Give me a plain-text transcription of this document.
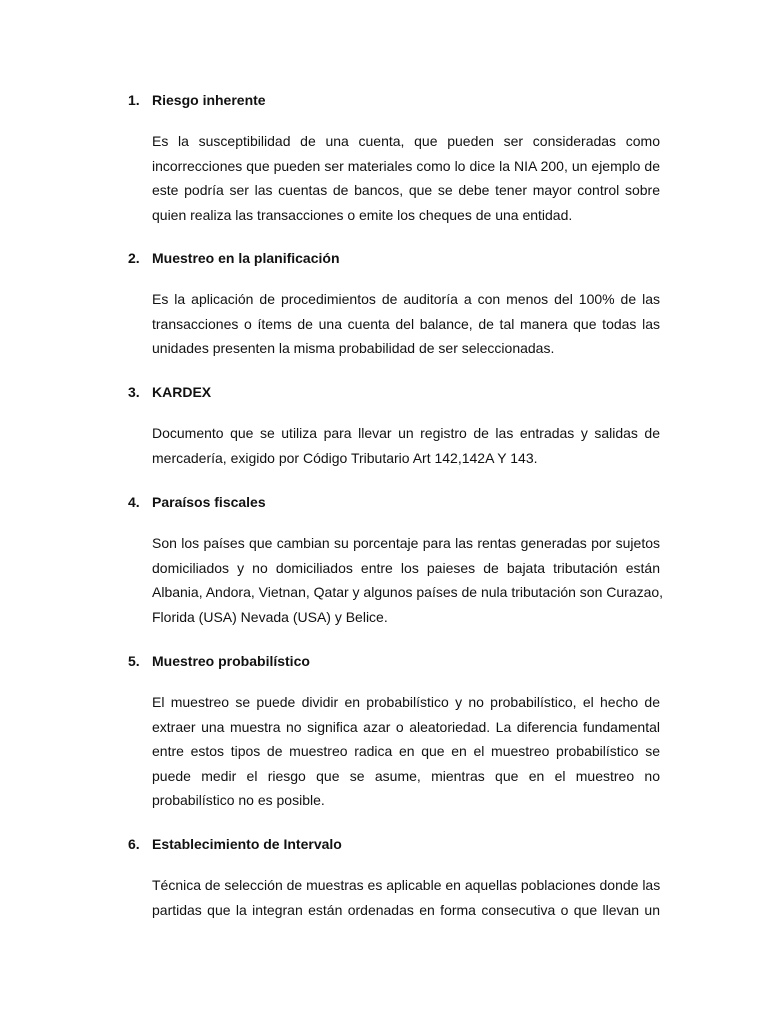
1. Riesgo inherente
Es la susceptibilidad de una cuenta, que pueden ser consideradas como
incorrecciones que pueden ser materiales como lo dice la NIA 200, un ejemplo de
este podría ser las cuentas de bancos, que se debe tener mayor control sobre
quien realiza las transacciones o emite los cheques de una entidad.
2. Muestreo en la planificación
Es la aplicación de procedimientos de auditoría a con menos del 100% de las
transacciones o ítems de una cuenta del balance, de tal manera que todas las
unidades presenten la misma probabilidad de ser seleccionadas.
3. KARDEX
Documento que se utiliza para llevar un registro de las entradas y salidas de
mercadería, exigido por Código Tributario Art 142,142A Y 143.
4. Paraísos fiscales
Son los países que cambian su porcentaje para las rentas generadas por sujetos
domiciliados y no domiciliados entre los paieses de bajata tributación están
Albania, Andora, Vietnan, Qatar y algunos países de nula tributación son Curazao,
Florida (USA) Nevada (USA) y Belice.
5. Muestreo probabilístico
El muestreo se puede dividir en probabilístico y no probabilístico, el hecho de
extraer una muestra no significa azar o aleatoriedad. La diferencia fundamental
entre estos tipos de muestreo radica en que en el muestreo probabilístico se
puede medir el riesgo que se asume, mientras que en el muestreo no
probabilístico no es posible.
6. Establecimiento de Intervalo
Técnica de selección de muestras es aplicable en aquellas poblaciones donde las
partidas que la integran están ordenadas en forma consecutiva o que llevan un
